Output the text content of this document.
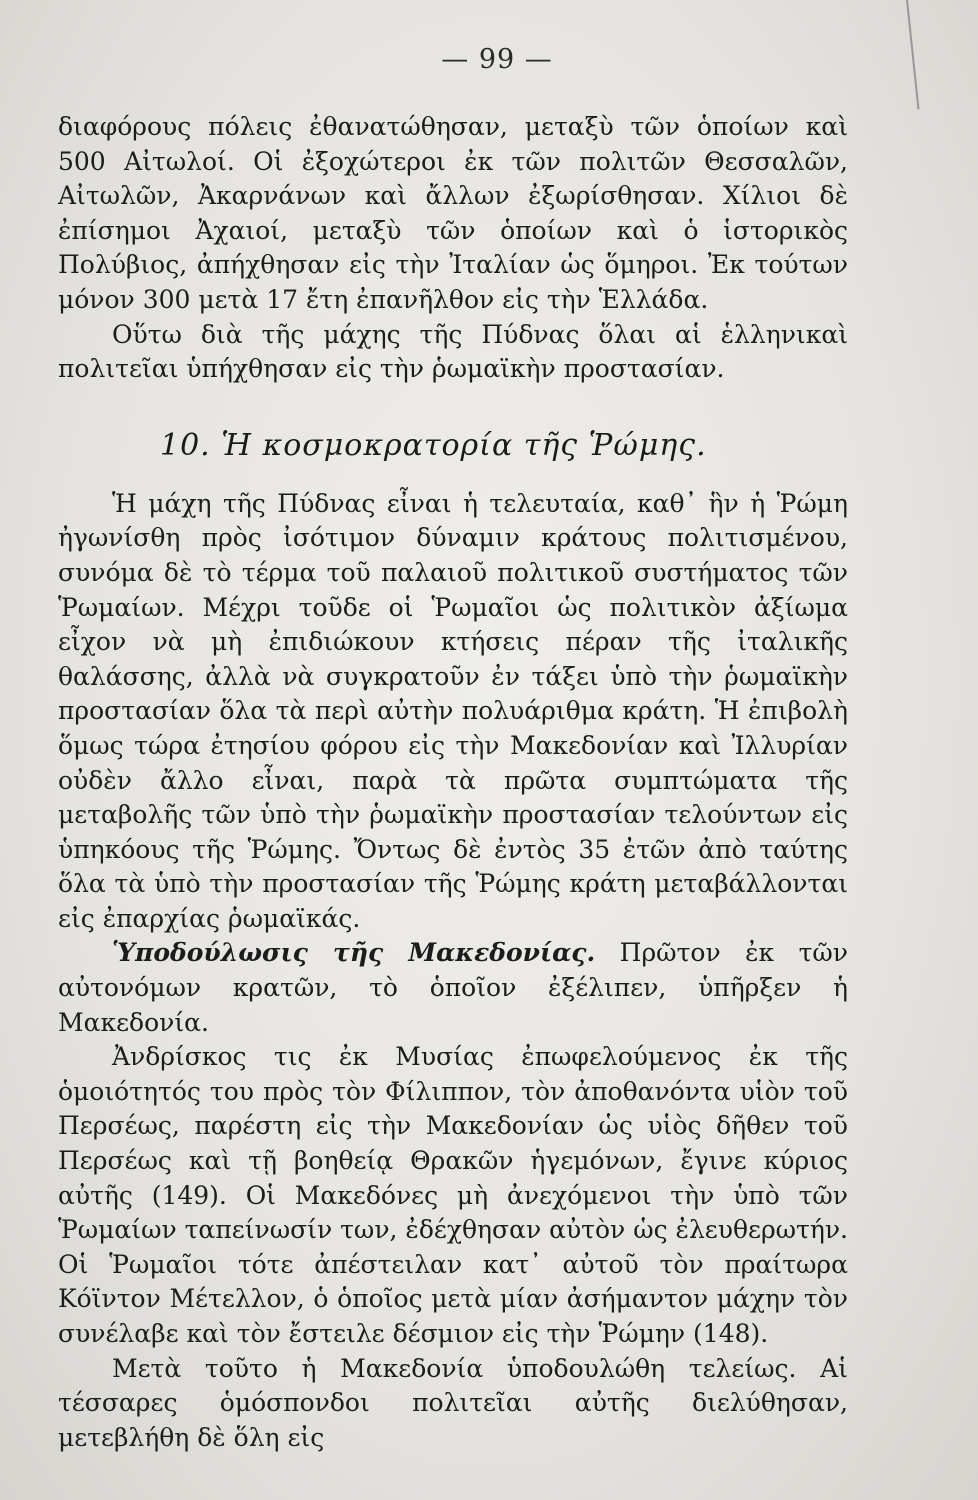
— 99 —

διαφόρους πόλεις ἐθανατώθησαν, μεταξὺ τῶν ὁποίων καὶ 500 Αἰτωλοί. Οἱ ἐξοχώτεροι ἐκ τῶν πολιτῶν Θεσσαλῶν, Αἰτωλῶν, Ἀκαρνάνων καὶ ἄλλων ἐξωρίσθησαν. Χίλιοι δὲ ἐπίσημοι Ἀχαιοί, μεταξὺ τῶν ὁποίων καὶ ὁ ἱστορικὸς Πολύβιος, ἀπήχθησαν εἰς τὴν Ἰταλίαν ὡς ὅμηροι. Ἐκ τούτων μόνον 300 μετὰ 17 ἔτη ἐπανῆλθον εἰς τὴν Ἑλλάδα.

Οὕτω διὰ τῆς μάχης τῆς Πύδνας ὅλαι αἱ ἑλληνικαὶ πολιτεῖαι ὑπήχθησαν εἰς τὴν ῥωμαϊκὴν προστασίαν.

10. Ἡ κοσμοκρατορία τῆς Ῥώμης.

Ἡ μάχη τῆς Πύδνας εἶναι ἡ τελευταία, καθ᾽ ἣν ἡ Ῥώμη ἠγωνίσθη πρὸς ἰσότιμον δύναμιν κράτους πολιτισμένου, συνόμα δὲ τὸ τέρμα τοῦ παλαιοῦ πολιτικοῦ συστήματος τῶν Ῥωμαίων. Μέχρι τοῦδε οἱ Ῥωμαῖοι ὡς πολιτικὸν ἀξίωμα εἶχον νὰ μὴ ἐπιδιώκουν κτήσεις πέραν τῆς ἰταλικῆς θαλάσσης, ἀλλὰ νὰ συγκρατοῦν ἐν τάξει ὑπὸ τὴν ῥωμαϊκὴν προστασίαν ὅλα τὰ περὶ αὐτὴν πολυάριθμα κράτη. Ἡ ἐπιβολὴ ὅμως τώρα ἐτησίου φόρου εἰς τὴν Μακεδονίαν καὶ Ἰλλυρίαν οὐδὲν ἄλλο εἶναι, παρὰ τὰ πρῶτα συμπτώματα τῆς μεταβολῆς τῶν ὑπὸ τὴν ῥωμαϊκὴν προστασίαν τελούντων εἰς ὑπηκόους τῆς Ῥώμης. Ὄντως δὲ ἐντὸς 35 ἐτῶν ἀπὸ ταύτης ὅλα τὰ ὑπὸ τὴν προστασίαν τῆς Ῥώμης κράτη μεταβάλλονται εἰς ἐπαρχίας ῥωμαϊκάς.

Ὑποδούλωσις τῆς Μακεδονίας. Πρῶτον ἐκ τῶν αὐτονόμων κρατῶν, τὸ ὁποῖον ἐξέλιπεν, ὑπῆρξεν ἡ Μακεδονία.

Ἀνδρίσκος τις ἐκ Μυσίας ἐπωφελούμενος ἐκ τῆς ὁμοιότητός του πρὸς τὸν Φίλιππον, τὸν ἀποθανόντα υἱὸν τοῦ Περσέως, παρέστη εἰς τὴν Μακεδονίαν ὡς υἱὸς δῆθεν τοῦ Περσέως καὶ τῇ βοηθείᾳ Θρακῶν ἡγεμόνων, ἔγινε κύριος αὐτῆς (149). Οἱ Μακεδόνες μὴ ἀνεχόμενοι τὴν ὑπὸ τῶν Ῥωμαίων ταπείνωσίν των, ἐδέχθησαν αὐτὸν ὡς ἐλευθερωτήν. Οἱ Ῥωμαῖοι τότε ἀπέστειλαν κατ᾽ αὐτοῦ τὸν πραίτωρα Κόϊντον Μέτελλον, ὁ ὁποῖος μετὰ μίαν ἀσήμαντον μάχην τὸν συνέλαβε καὶ τὸν ἔστειλε δέσμιον εἰς τὴν Ῥώμην (148).

Μετὰ τοῦτο ἡ Μακεδονία ὑποδουλώθη τελείως. Αἱ τέσσαρες ὁμόσπονδοι πολιτεῖαι αὐτῆς διελύθησαν, μετεβλήθη δὲ ὅλη εἰς
